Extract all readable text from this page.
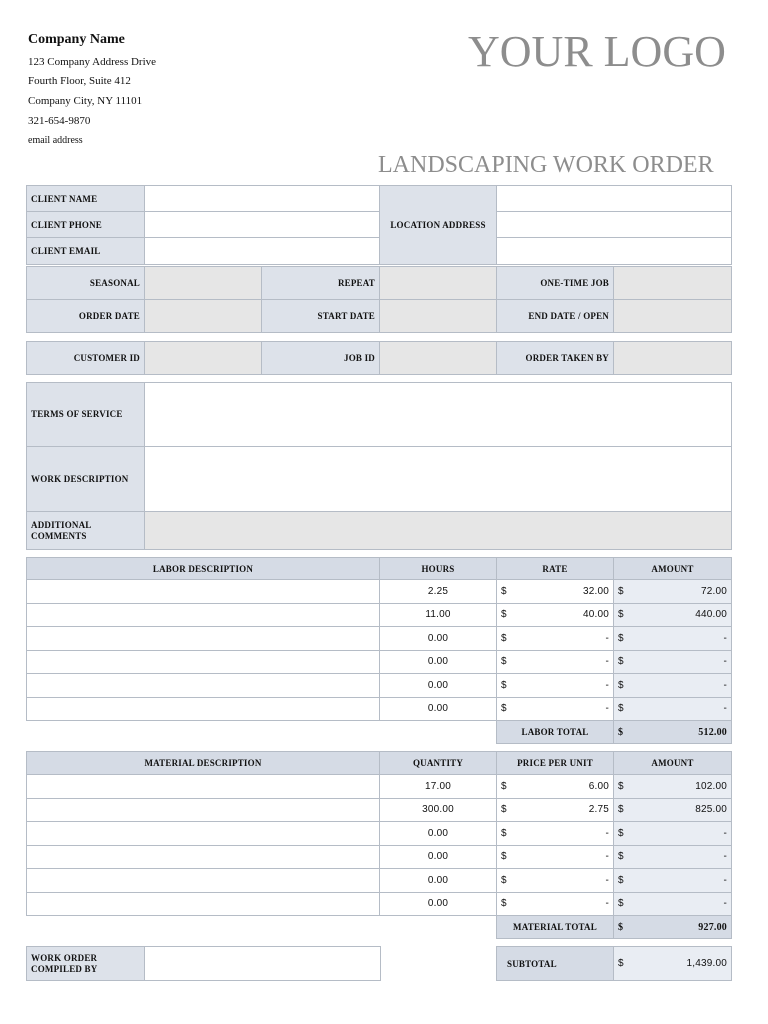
Company Name
123 Company Address Drive
Fourth Floor, Suite 412
Company City, NY 11101
321-654-9870
email address
YOUR LOGO
LANDSCAPING WORK ORDER
CLIENT NAME		LOCATION ADDRESS	
CLIENT PHONE			
CLIENT EMAIL			
SEASONAL		REPEAT		ONE-TIME JOB	
ORDER DATE		START DATE		END DATE / OPEN	
CUSTOMER ID		JOB ID		ORDER TAKEN BY	
TERMS OF SERVICE	
WORK DESCRIPTION	
ADDITIONAL COMMENTS	
LABOR DESCRIPTION	HOURS	RATE	AMOUNT
	2.25	$ 32.00	$ 72.00
	11.00	$ 40.00	$ 440.00
	0.00	$ -	$ -
	0.00	$ -	$ -
	0.00	$ -	$ -
	0.00	$ -	$ -
		LABOR TOTAL	$ 512.00
MATERIAL DESCRIPTION	QUANTITY	PRICE PER UNIT	AMOUNT
	17.00	$ 6.00	$ 102.00
	300.00	$ 2.75	$ 825.00
	0.00	$ -	$ -
	0.00	$ -	$ -
	0.00	$ -	$ -
	0.00	$ -	$ -
		MATERIAL TOTAL	$ 927.00
WORK ORDER COMPILED BY		SUBTOTAL	$	1,439.00
